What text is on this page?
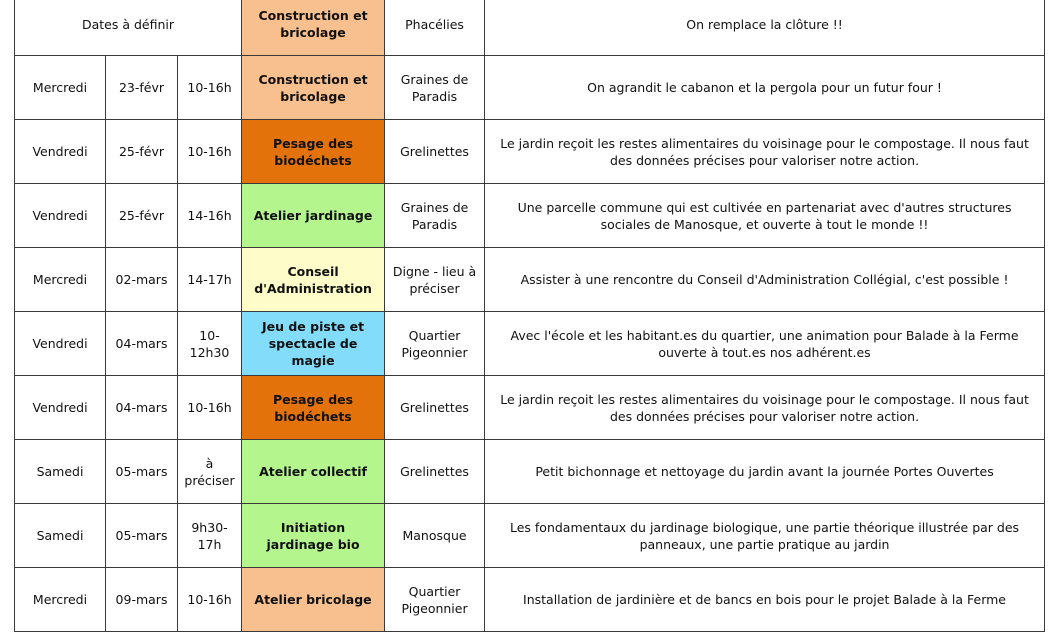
Dates à définir			Construction et bricolage	Phacélies	On remplace la clôture !!
Mercredi	23-févr	10-16h	Construction et bricolage	Graines de Paradis	On agrandit le cabanon et la pergola pour un futur four !
Vendredi	25-févr	10-16h	Pesage des biodéchets	Grelinettes	Le jardin reçoit les restes alimentaires du voisinage pour le compostage. Il nous faut des données précises pour valoriser notre action.
Vendredi	25-févr	14-16h	Atelier jardinage	Graines de Paradis	Une parcelle commune qui est cultivée en partenariat avec d'autres structures sociales de Manosque, et ouverte à tout le monde !!
Mercredi	02-mars	14-17h	Conseil d'Administration	Digne - lieu à préciser	Assister à une rencontre du Conseil d'Administration Collégial, c'est possible !
Vendredi	04-mars	10-12h30	Jeu de piste et spectacle de magie	Quartier Pigeonnier	Avec l'école et les habitant.es du quartier, une animation pour Balade à la Ferme ouverte à tout.es nos adhérent.es
Vendredi	04-mars	10-16h	Pesage des biodéchets	Grelinettes	Le jardin reçoit les restes alimentaires du voisinage pour le compostage. Il nous faut des données précises pour valoriser notre action.
Samedi	05-mars	à préciser	Atelier collectif	Grelinettes	Petit bichonnage et nettoyage du jardin avant la journée Portes Ouvertes
Samedi	05-mars	9h30-17h	Initiation jardinage bio	Manosque	Les fondamentaux du jardinage biologique, une partie théorique illustrée par des panneaux, une partie pratique au jardin
Mercredi	09-mars	10-16h	Atelier bricolage	Quartier Pigeonnier	Installation de jardinière et de bancs en bois pour le projet Balade à la Ferme
